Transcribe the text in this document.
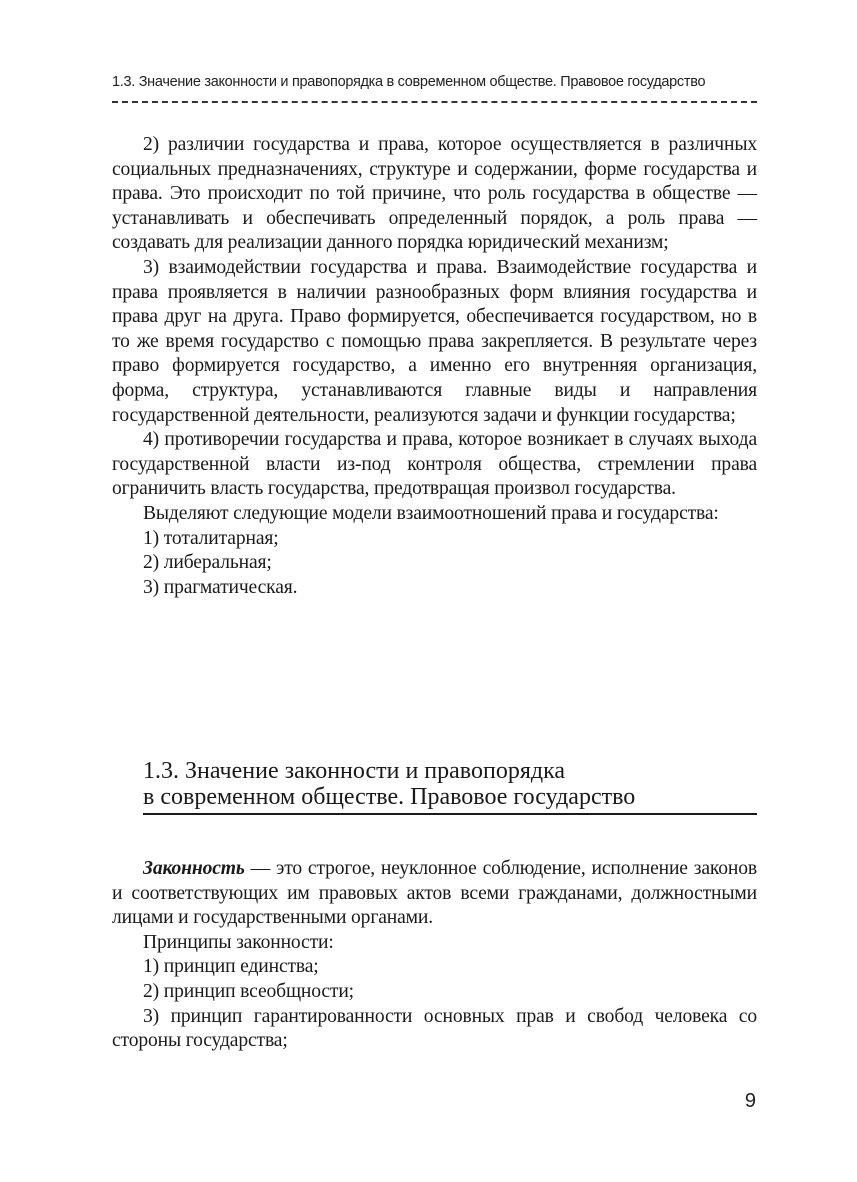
1.3. Значение законности и правопорядка в современном обществе. Правовое государство

2) различии государства и права, которое осуществляется в различных социальных предназначениях, структуре и содержании, форме государства и права. Это происходит по той причине, что роль государства в обществе — устанавливать и обеспечивать определенный порядок, а роль права — создавать для реализации данного порядка юридический механизм;

3) взаимодействии государства и права. Взаимодействие государства и права проявляется в наличии разнообразных форм влияния государства и права друг на друга. Право формируется, обеспечивается государством, но в то же время государство с помощью права закрепляется. В результате через право формируется государство, а именно его внутренняя организация, форма, структура, устанавливаются главные виды и направления государственной деятельности, реализуются задачи и функции государства;

4) противоречии государства и права, которое возникает в случаях выхода государственной власти из-под контроля общества, стремлении права ограничить власть государства, предотвращая произвол государства.

Выделяют следующие модели взаимоотношений права и государства:

1) тоталитарная;

2) либеральная;

3) прагматическая.

1.3. Значение законности и правопорядка
в современном обществе. Правовое государство

Законность — это строгое, неуклонное соблюдение, исполнение законов и соответствующих им правовых актов всеми гражданами, должностными лицами и государственными органами.

Принципы законности:

1) принцип единства;

2) принцип всеобщности;

3) принцип гарантированности основных прав и свобод человека со стороны государства;

9
